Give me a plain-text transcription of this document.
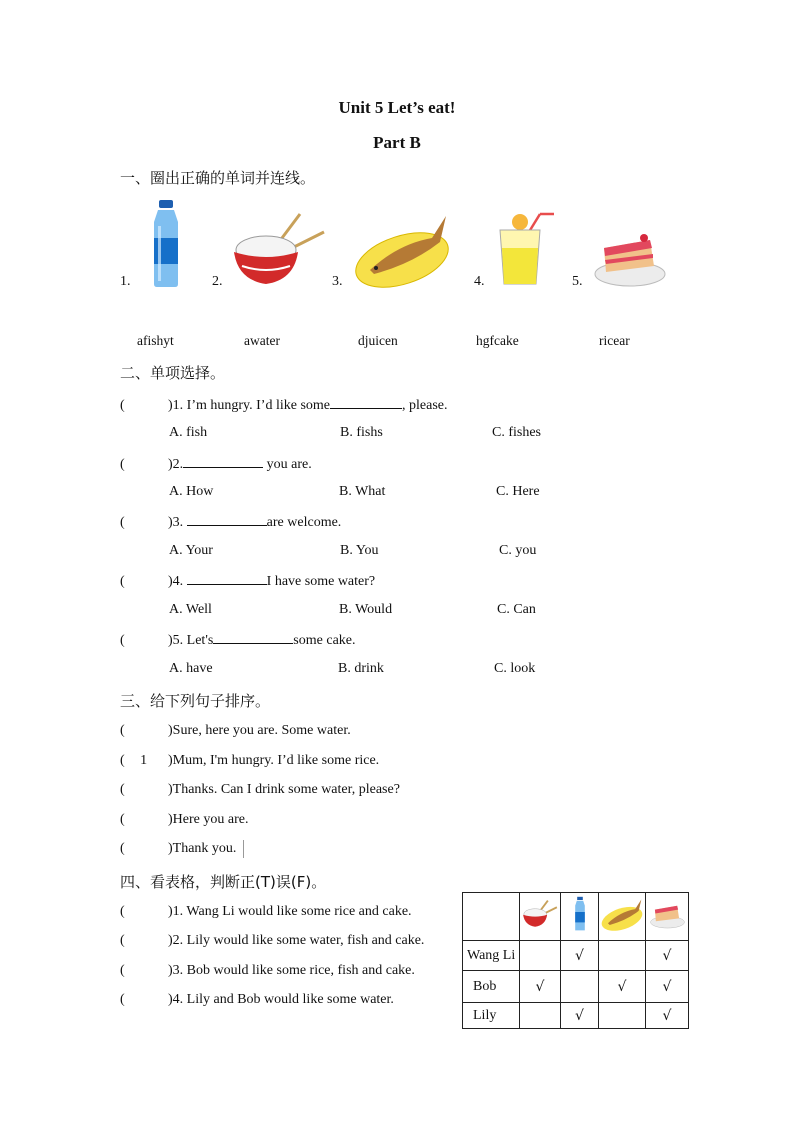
Unit 5 Let’s eat!
Part B
一、圈出正确的单词并连线。
1.	2.	3.	4.	5.
afishyt	awater	djuicen	hgfcake	ricear
二、单项选择。
(	)1. I’m hungry. I’d like some	, please.
A. fish	B. fishs	C. fishes
(	)2.	you are.
A. How	B. What	C. Here
(	)3.	are welcome.
A. Your	B. You	C. you
(	)4.	I have some water?
A. Well	B. Would	C. Can
(	)5. Let's	some cake.
A. have	B. drink	C. look
三、给下列句子排序。
(	)Sure, here you are. Some water.
( 1 )Mum, I'm hungry. I’d like some rice.
(	)Thanks. Can I drink some water, please?
(	)Here you are.
(	)Thank you.
四、看表格，判断正(T)误(F)。
(	)1. Wang Li would like some rice and cake.
(	)2. Lily would like some water, fish and cake.
(	)3. Bob would like some rice, fish and cake.
(	)4. Lily and Bob would like some water.

Wang Li		√		√
Bob	√		√	√
Lily		√		√
